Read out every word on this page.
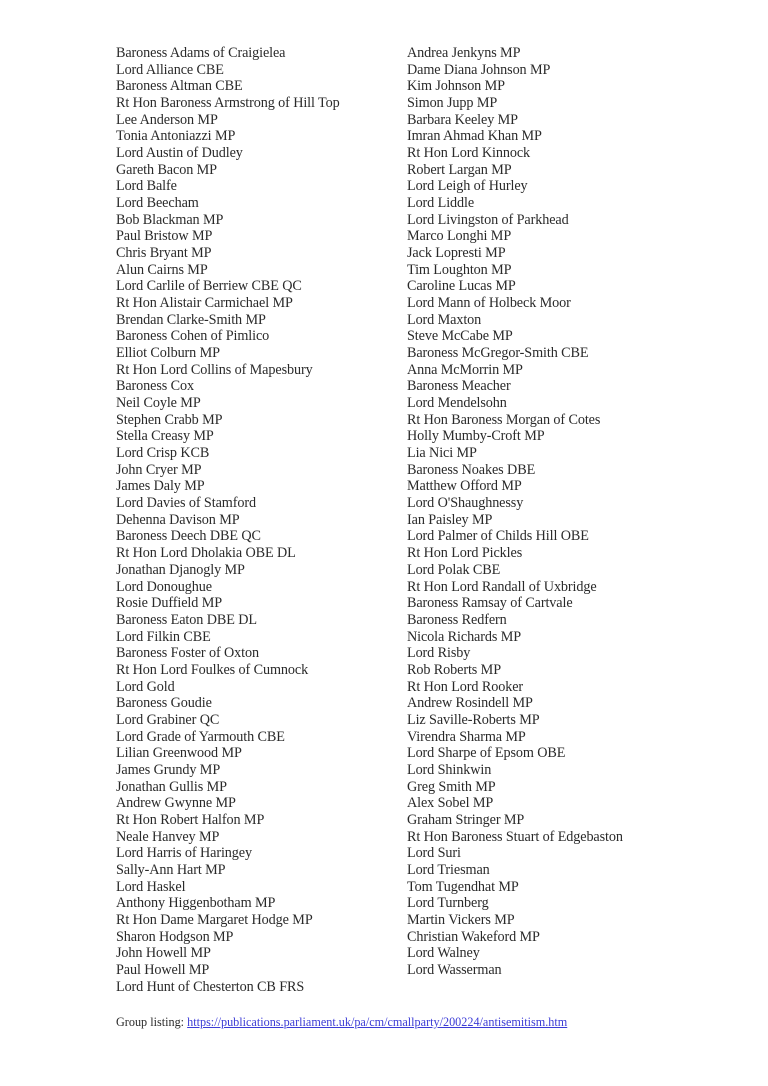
Baroness Adams of Craigielea
Lord Alliance CBE
Baroness Altman CBE
Rt Hon Baroness Armstrong of Hill Top
Lee Anderson MP
Tonia Antoniazzi MP
Lord Austin of Dudley
Gareth Bacon MP
Lord Balfe
Lord Beecham
Bob Blackman MP
Paul Bristow MP
Chris Bryant MP
Alun Cairns MP
Lord Carlile of Berriew CBE QC
Rt Hon Alistair Carmichael MP
Brendan Clarke-Smith MP
Baroness Cohen of Pimlico
Elliot Colburn MP
Rt Hon Lord Collins of Mapesbury
Baroness Cox
Neil Coyle MP
Stephen Crabb MP
Stella Creasy MP
Lord Crisp KCB
John Cryer MP
James Daly MP
Lord Davies of Stamford
Dehenna Davison MP
Baroness Deech DBE QC
Rt Hon Lord Dholakia OBE DL
Jonathan Djanogly MP
Lord Donoughue
Rosie Duffield MP
Baroness Eaton DBE DL
Lord Filkin CBE
Baroness Foster of Oxton
Rt Hon Lord Foulkes of Cumnock
Lord Gold
Baroness Goudie
Lord Grabiner QC
Lord Grade of Yarmouth CBE
Lilian Greenwood MP
James Grundy MP
Jonathan Gullis MP
Andrew Gwynne MP
Rt Hon Robert Halfon MP
Neale Hanvey MP
Lord Harris of Haringey
Sally-Ann Hart MP
Lord Haskel
Anthony Higgenbotham MP
Rt Hon Dame Margaret Hodge MP
Sharon Hodgson MP
John Howell MP
Paul Howell MP
Lord Hunt of Chesterton CB FRS
Andrea Jenkyns MP
Dame Diana Johnson MP
Kim Johnson MP
Simon Jupp MP
Barbara Keeley MP
Imran Ahmad Khan MP
Rt Hon Lord Kinnock
Robert Largan MP
Lord Leigh of Hurley
Lord Liddle
Lord Livingston of Parkhead
Marco Longhi MP
Jack Lopresti MP
Tim Loughton MP
Caroline Lucas MP
Lord Mann of Holbeck Moor
Lord Maxton
Steve McCabe MP
Baroness McGregor-Smith CBE
Anna McMorrin MP
Baroness Meacher
Lord Mendelsohn
Rt Hon Baroness Morgan of Cotes
Holly Mumby-Croft MP
Lia Nici MP
Baroness Noakes DBE
Matthew Offord MP
Lord O'Shaughnessy
Ian Paisley MP
Lord Palmer of Childs Hill OBE
Rt Hon Lord Pickles
Lord Polak CBE
Rt Hon Lord Randall of Uxbridge
Baroness Ramsay of Cartvale
Baroness Redfern
Nicola Richards MP
Lord Risby
Rob Roberts MP
Rt Hon Lord Rooker
Andrew Rosindell MP
Liz Saville-Roberts MP
Virendra Sharma MP
Lord Sharpe of Epsom OBE
Lord Shinkwin
Greg Smith MP
Alex Sobel MP
Graham Stringer MP
Rt Hon Baroness Stuart of Edgebaston
Lord Suri
Lord Triesman
Tom Tugendhat MP
Lord Turnberg
Martin Vickers MP
Christian Wakeford MP
Lord Walney
Lord Wasserman
Group listing: https://publications.parliament.uk/pa/cm/cmallparty/200224/antisemitism.htm
